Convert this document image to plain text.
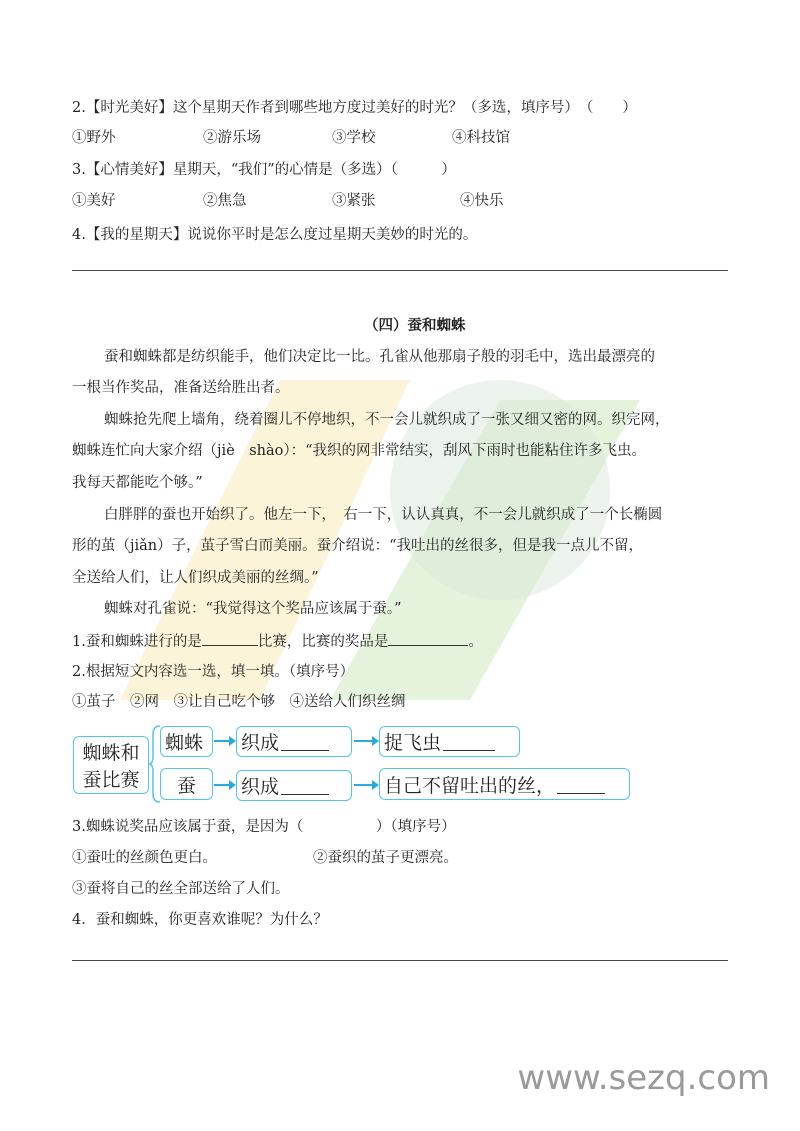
2.【时光美好】这个星期天作者到哪些地方度过美好的时光？（多选，填序号）　（　　）
①野外	②游乐场	③学校	④科技馆
3.【心情美好】星期天，“我们”的心情是（多选）（　　　）
①美好	②焦急	③紧张	④快乐
4.【我的星期天】说说你平时是怎么度过星期天美妙的时光的。
（四）蚕和蜘蛛
蚕和蜘蛛都是纺织能手，他们决定比一比。孔雀从他那扇子般的羽毛中，选出最漂亮的
一根当作奖品，准备送给胜出者。
蜘蛛抢先爬上墙角，绕着圈儿不停地织，不一会儿就织成了一张又细又密的网。织完网，
蜘蛛连忙向大家介绍（jiè　shào）：“我织的网非常结实，刮风下雨时也能粘住许多飞虫。
我每天都能吃个够。”
白胖胖的蚕也开始织了。他左一下，　右一下，认认真真，不一会儿就织成了一个长椭圆
形的茧（jiǎn）子，茧子雪白而美丽。蚕介绍说：“我吐出的丝很多，但是我一点儿不留，
全送给人们，让人们织成美丽的丝绸。”
蜘蛛对孔雀说：“我觉得这个奖品应该属于蚕。”
1.蚕和蜘蛛进行的是	比赛，比赛的奖品是	。
2.根据短文内容选一选，填一填。（填序号）
①茧子　②网　③让自己吃个够　④送给人们织丝绸
蜘蛛和
蚕比赛
蜘蛛
蚕
织成
织成
捉飞虫
自己不留吐出的丝，
3.蜘蛛说奖品应该属于蚕，是因为（　　　　　）（填序号）
①蚕吐的丝颜色更白。	②蚕织的茧子更漂亮。
③蚕将自己的丝全部送给了人们。
4．蚕和蜘蛛，你更喜欢谁呢？为什么？
www.sezq.com
